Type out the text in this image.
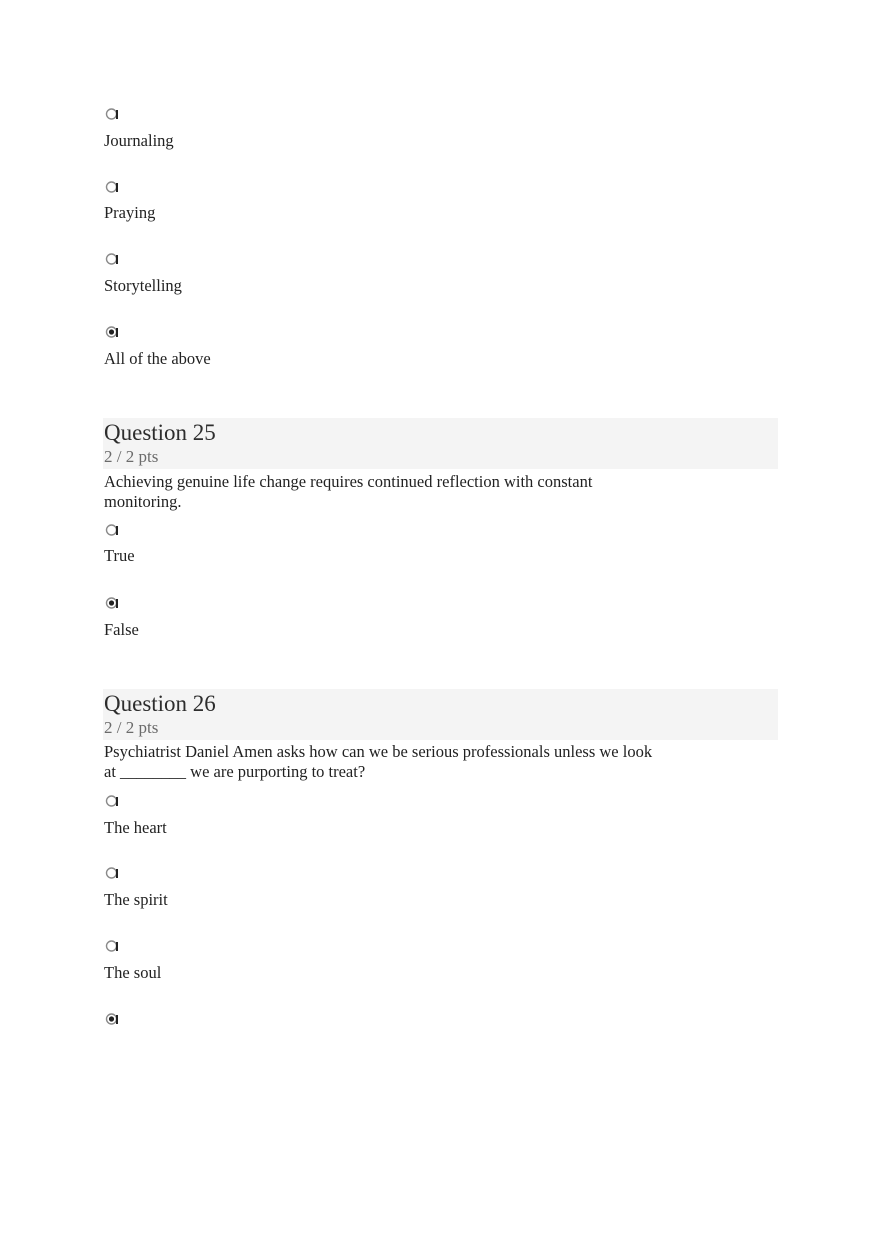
Journaling
Praying
Storytelling
All of the above
Question 25
2 / 2 pts
Achieving genuine life change requires continued reflection with constant monitoring.
True
False
Question 26
2 / 2 pts
Psychiatrist Daniel Amen asks how can we be serious professionals unless we look at ________ we are purporting to treat?
The heart
The spirit
The soul
